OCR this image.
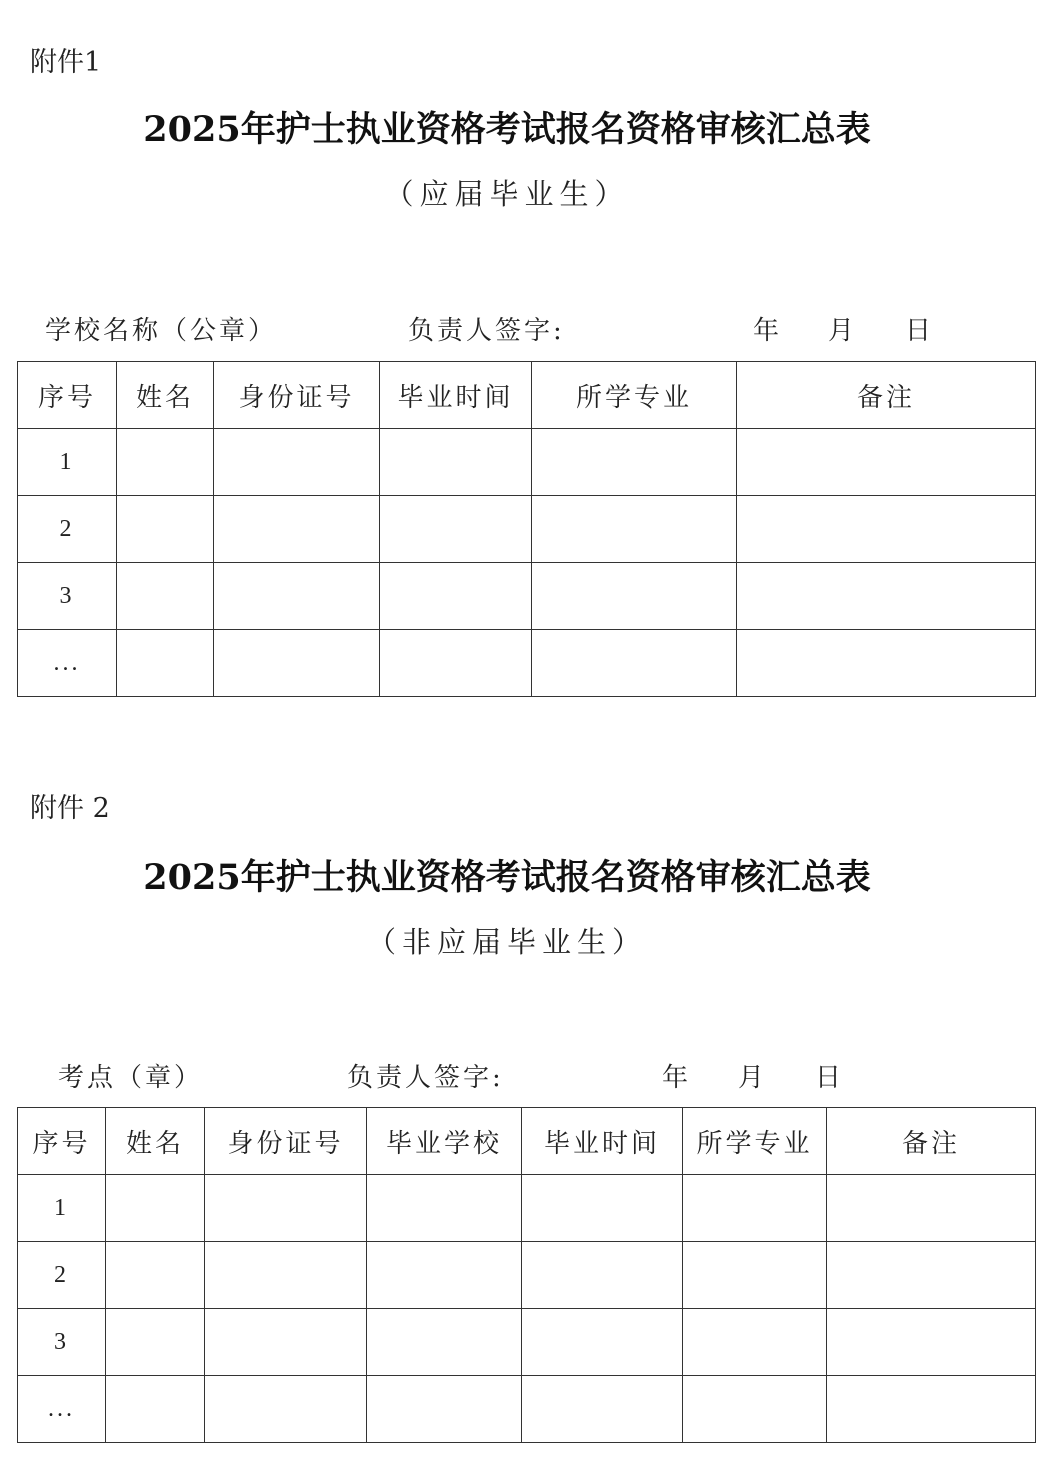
附件1
2025年护士执业资格考试报名资格审核汇总表
（应届毕业生）
学校名称（公章）	负责人签字:	年 月 日
序号	姓名	身份证号	毕业时间	所学专业	备注
1					
2					
3					
...					
附件 2
2025年护士执业资格考试报名资格审核汇总表
（非应届毕业生）
考点（章）	负责人签字:	年 月 日
序号	姓名	身份证号	毕业学校	毕业时间	所学专业	备注
1						
2						
3						
...						
